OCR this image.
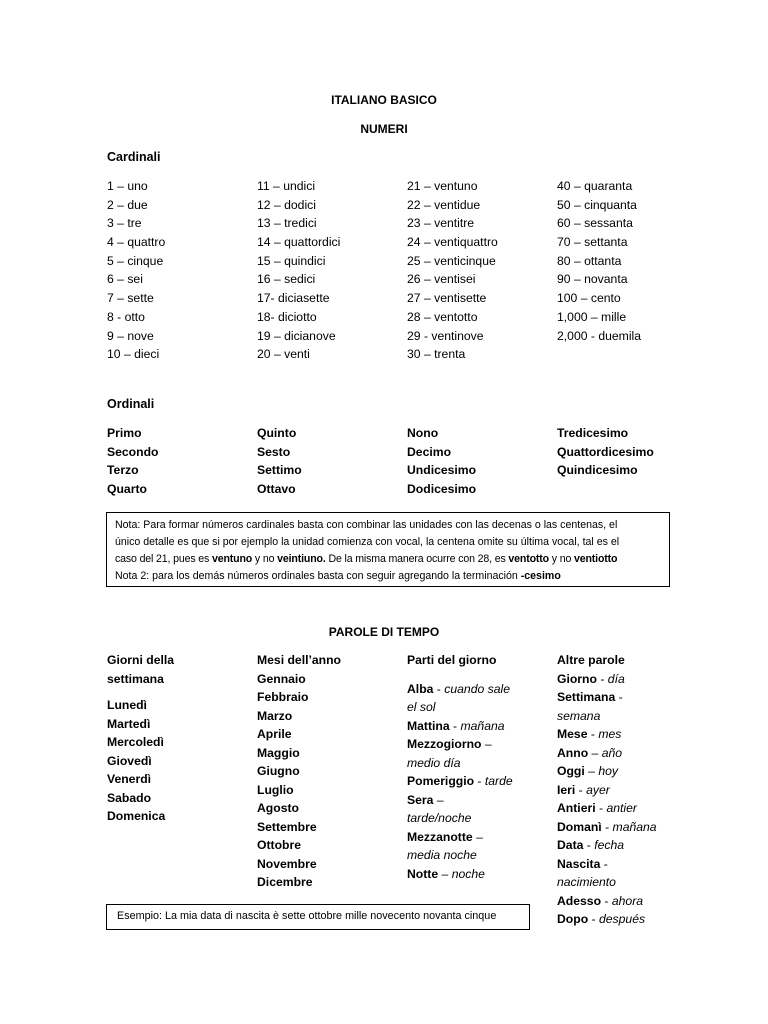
ITALIANO BASICO
NUMERI
Cardinali
1 – uno
2 – due
3 – tre
4 – quattro
5 – cinque
6 – sei
7 – sette
8 - otto
9 – nove
10 – dieci
11 – undici
12 – dodici
13 – tredici
14 – quattordici
15 – quindici
16 – sedici
17- diciasette
18- diciotto
19 – dicianove
20 – venti
21 – ventuno
22 – ventidue
23 – ventitre
24 – ventiquattro
25 – venticinque
26 – ventisei
27 – ventisette
28 – ventotto
29 - ventinove
30 – trenta
40 – quaranta
50 – cinquanta
60 – sessanta
70 – settanta
80 – ottanta
90 – novanta
100 – cento
1,000 – mille
2,000 - duemila
Ordinali
Primo
Secondo
Terzo
Quarto
Quinto
Sesto
Settimo
Ottavo
Nono
Decimo
Undicesimo
Dodicesimo
Tredicesimo
Quattordicesimo
Quindicesimo
Nota: Para formar números cardinales basta con combinar las unidades con las decenas o las centenas, el
único detalle es que si por ejemplo la unidad comienza con vocal, la centena omite su última vocal, tal es el
caso del 21, pues es ventuno y no veintiuno. De la misma manera ocurre con 28, es ventotto y no ventiotto
Nota 2: para los demás números ordinales basta con seguir agregando la terminación -cesimo
PAROLE DI TEMPO
Giorni della
settimana
Lunedì
Martedì
Mercoledì
Giovedì
Venerdì
Sabado
Domenica
Mesi dell’anno
Gennaio
Febbraio
Marzo
Aprile
Maggio
Giugno
Luglio
Agosto
Settembre
Ottobre
Novembre
Dicembre
Parti del giorno
Alba - cuando sale
el sol
Mattina - mañana
Mezzogiorno –
medio día
Pomeriggio - tarde
Sera –
tarde/noche
Mezzanotte –
media noche
Notte – noche
Altre parole
Giorno - día
Settimana -
semana
Mese - mes
Anno – año
Oggi – hoy
Ieri - ayer
Antieri - antier
Domanì - mañana
Data - fecha
Nascita -
nacimiento
Adesso - ahora
Dopo - después
Esempio: La mia data di nascita è sette ottobre mille novecento novanta cinque
